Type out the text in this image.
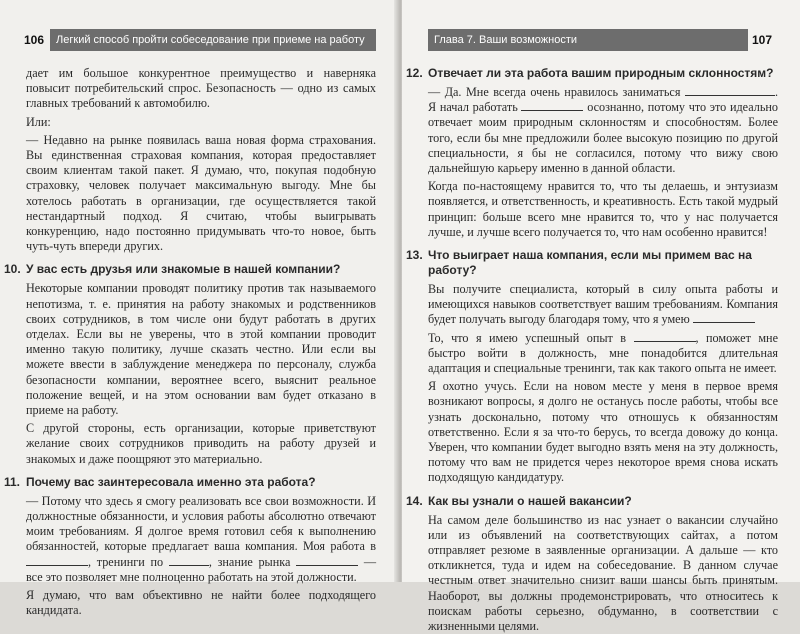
106	Легкий способ пройти собеседование при приеме на работу

дает им большое конкурентное преимущество и наверняка повысит потребительский спрос. Безопасность — одно из самых главных требований к автомобилю.

Или:

— Недавно на рынке появилась ваша новая форма страхования. Вы единственная страховая компания, которая предоставляет своим клиентам такой пакет. Я думаю, что, покупая подобную страховку, человек получает максимальную выгоду. Мне бы хотелось работать в организации, где осуществляется такой нестандартный подход. Я считаю, чтобы выигрывать конкуренцию, надо постоянно придумывать что-то новое, быть чуть-чуть впереди других.

10. У вас есть друзья или знакомые в нашей компании?

Некоторые компании проводят политику против так называемого непотизма, т. е. принятия на работу знакомых и родственников своих сотрудников, в том числе они будут работать в других отделах. Если вы не уверены, что в этой компании проводит именно такую политику, лучше сказать честно. Или если вы можете ввести в заблуждение менеджера по персоналу, служба безопасности компании, вероятнее всего, выяснит реальное положение вещей, и на этом основании вам будет отказано в приеме на работу.

С другой стороны, есть организации, которые приветствуют желание своих сотрудников приводить на работу друзей и знакомых и даже поощряют это материально.

11. Почему вас заинтересовала именно эта работа?

— Потому что здесь я смогу реализовать все свои возможности. И должностные обязанности, и условия работы абсолютно отвечают моим требованиям. Я долгое время готовил себя к выполнению обязанностей, которые предлагает ваша компания. Моя работа в , тренинги по	, знание рынка	— все это позволяет мне полноценно работать на этой должности.

Я думаю, что вам объективно не найти более подходящего кандидата.

Глава 7. Ваши возможности	107
12. Отвечает ли эта работа вашим природным склонностям?

— Да. Мне всегда очень нравилось заниматься	. Я начал работать	осознанно, потому что это идеально отвечает моим природным склонностям и способностям. Более того, если бы мне предложили более высокую позицию по другой специальности, я бы не согласился, потому что вижу свою дальнейшую карьеру именно в данной области.

Когда по-настоящему нравится то, что ты делаешь, и энтузиазм появляется, и ответственность, и креативность. Есть такой мудрый принцип: больше всего мне нравится то, что у нас получается лучше, и лучше всего получается то, что нам особенно нравится!

13. Что выиграет наша компания, если мы примем вас на работу?

Вы получите специалиста, который в силу опыта работы и имеющихся навыков соответствует вашим требованиям. Компания будет получать выгоду благодаря тому, что я умею

То, что я имею успешный опыт в	, поможет мне быстро войти в должность, мне понадобится длительная адаптация и специальные тренинги, так как такого опыта не имеет.

Я охотно учусь. Если на новом месте у меня в первое время возникают вопросы, я долго не останусь после работы, чтобы все узнать досконально, потому что отношусь к обязанностям ответственно. Если я за что-то берусь, то всегда довожу до конца. Уверен, что компании будет выгодно взять меня на эту должность, потому что вам не придется через некоторое время снова искать подходящую кандидатуру.

14. Как вы узнали о нашей вакансии?

На самом деле большинство из нас узнает о вакансии случайно или из объявлений на соответствующих сайтах, а потом отправляет резюме в заявленные организации. А дальше — кто откликнется, туда и идем на собеседование. В данном случае честным ответ значительно снизит ваши шансы быть принятым. Наоборот, вы должны продемонстрировать, что относитесь к поискам работы серьезно, обдуманно, в соответствии с жизненными целями.
